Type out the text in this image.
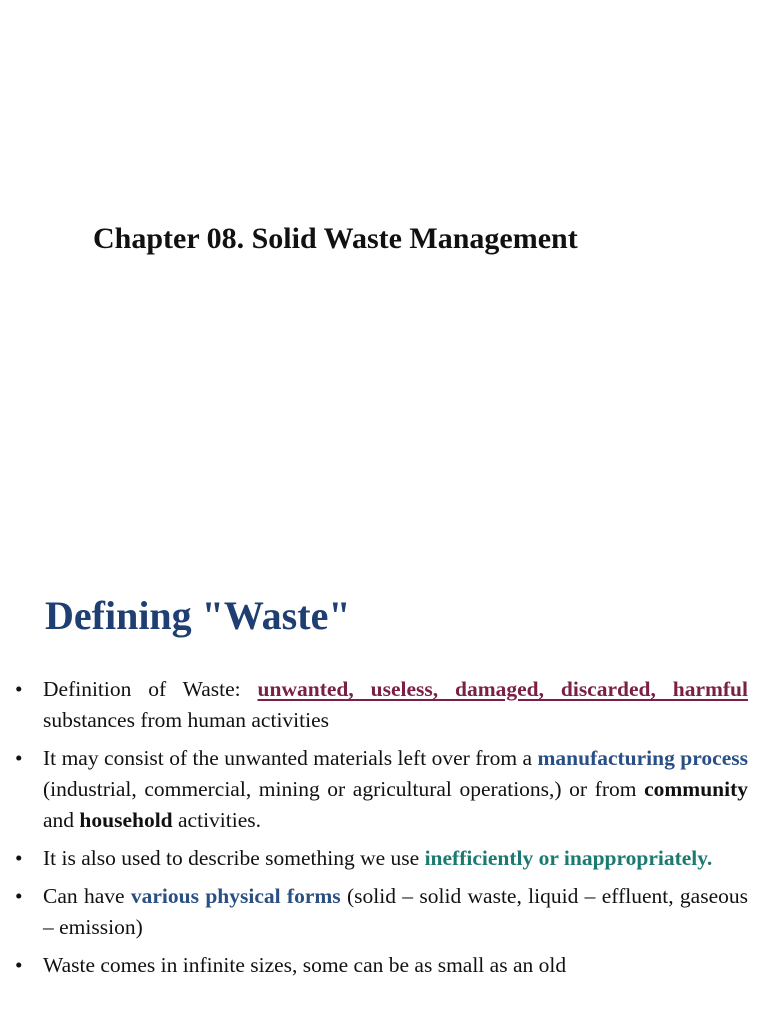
Chapter 08. Solid Waste Management
Defining "Waste"
• Definition of Waste: unwanted, useless, damaged, discarded, harmful substances from human activities
• It may consist of the unwanted materials left over from a manufacturing process (industrial, commercial, mining or agricultural operations,) or from community and household activities.
• It is also used to describe something we use inefficiently or inappropriately.
• Can have various physical forms (solid – solid waste, liquid – effluent, gaseous – emission)
• Waste comes in infinite sizes, some can be as small as an old
